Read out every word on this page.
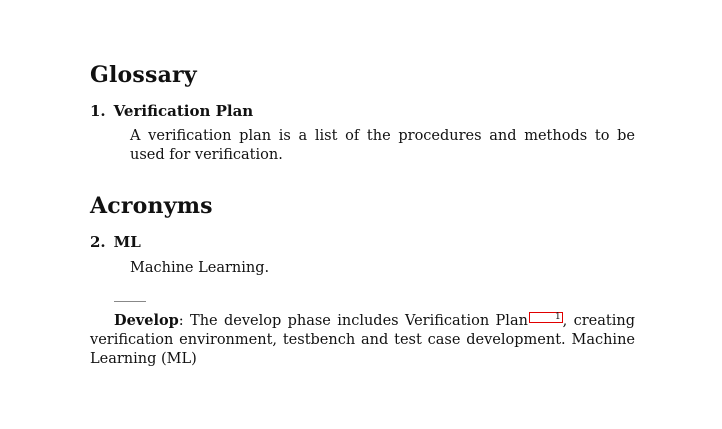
Glossary
1. Verification Plan
A verification plan is a list of the procedures and methods to be used for verification.
Acronyms
2. ML
Machine Learning.
Develop: The develop phase includes Verification Plan	1 , creating verification environment, testbench and test case development. Machine Learning (ML)
